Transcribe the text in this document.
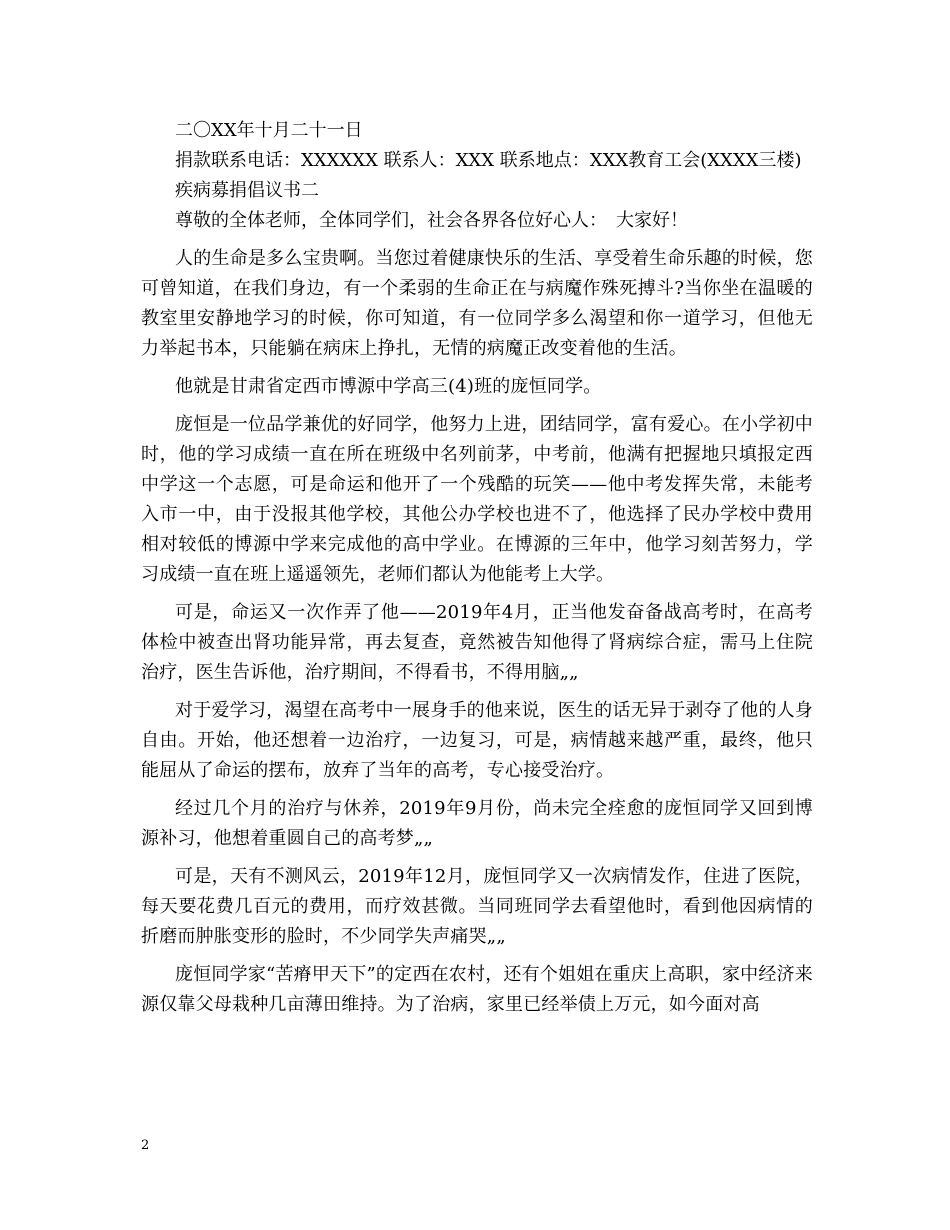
二〇XX年十月二十一日

捐款联系电话：XXXXXX 联系人：XXX 联系地点：XXX教育工会(XXXX三楼)

疾病募捐倡议书二

尊敬的全体老师，全体同学们，社会各界各位好心人：　大家好！

人的生命是多么宝贵啊。当您过着健康快乐的生活、享受着生命乐趣的时候，您可曾知道，在我们身边，有一个柔弱的生命正在与病魔作殊死搏斗?当你坐在温暖的教室里安静地学习的时候，你可知道，有一位同学多么渴望和你一道学习，但他无力举起书本，只能躺在病床上挣扎，无情的病魔正改变着他的生活。

他就是甘肃省定西市博源中学高三(4)班的庞恒同学。

庞恒是一位品学兼优的好同学，他努力上进，团结同学，富有爱心。在小学初中时，他的学习成绩一直在所在班级中名列前茅，中考前，他满有把握地只填报定西中学这一个志愿，可是命运和他开了一个残酷的玩笑——他中考发挥失常，未能考入市一中，由于没报其他学校，其他公办学校也进不了，他选择了民办学校中费用相对较低的博源中学来完成他的高中学业。在博源的三年中，他学习刻苦努力，学习成绩一直在班上遥遥领先，老师们都认为他能考上大学。

可是，命运又一次作弄了他——2019年4月，正当他发奋备战高考时，在高考体检中被查出肾功能异常，再去复查，竟然被告知他得了肾病综合症，需马上住院治疗，医生告诉他，治疗期间，不得看书，不得用脑„„

对于爱学习，渴望在高考中一展身手的他来说，医生的话无异于剥夺了他的人身自由。开始，他还想着一边治疗，一边复习，可是，病情越来越严重，最终，他只能屈从了命运的摆布，放弃了当年的高考，专心接受治疗。

经过几个月的治疗与休养，2019年9月份，尚未完全痊愈的庞恒同学又回到博源补习，他想着重圆自己的高考梦„„

可是，天有不测风云，2019年12月，庞恒同学又一次病情发作，住进了医院，每天要花费几百元的费用，而疗效甚微。当同班同学去看望他时，看到他因病情的折磨而肿胀变形的脸时，不少同学失声痛哭„„

庞恒同学家“苦瘠甲天下”的定西在农村，还有个姐姐在重庆上高职，家中经济来源仅靠父母栽种几亩薄田维持。为了治病，家里已经举债上万元，如今面对高

2
